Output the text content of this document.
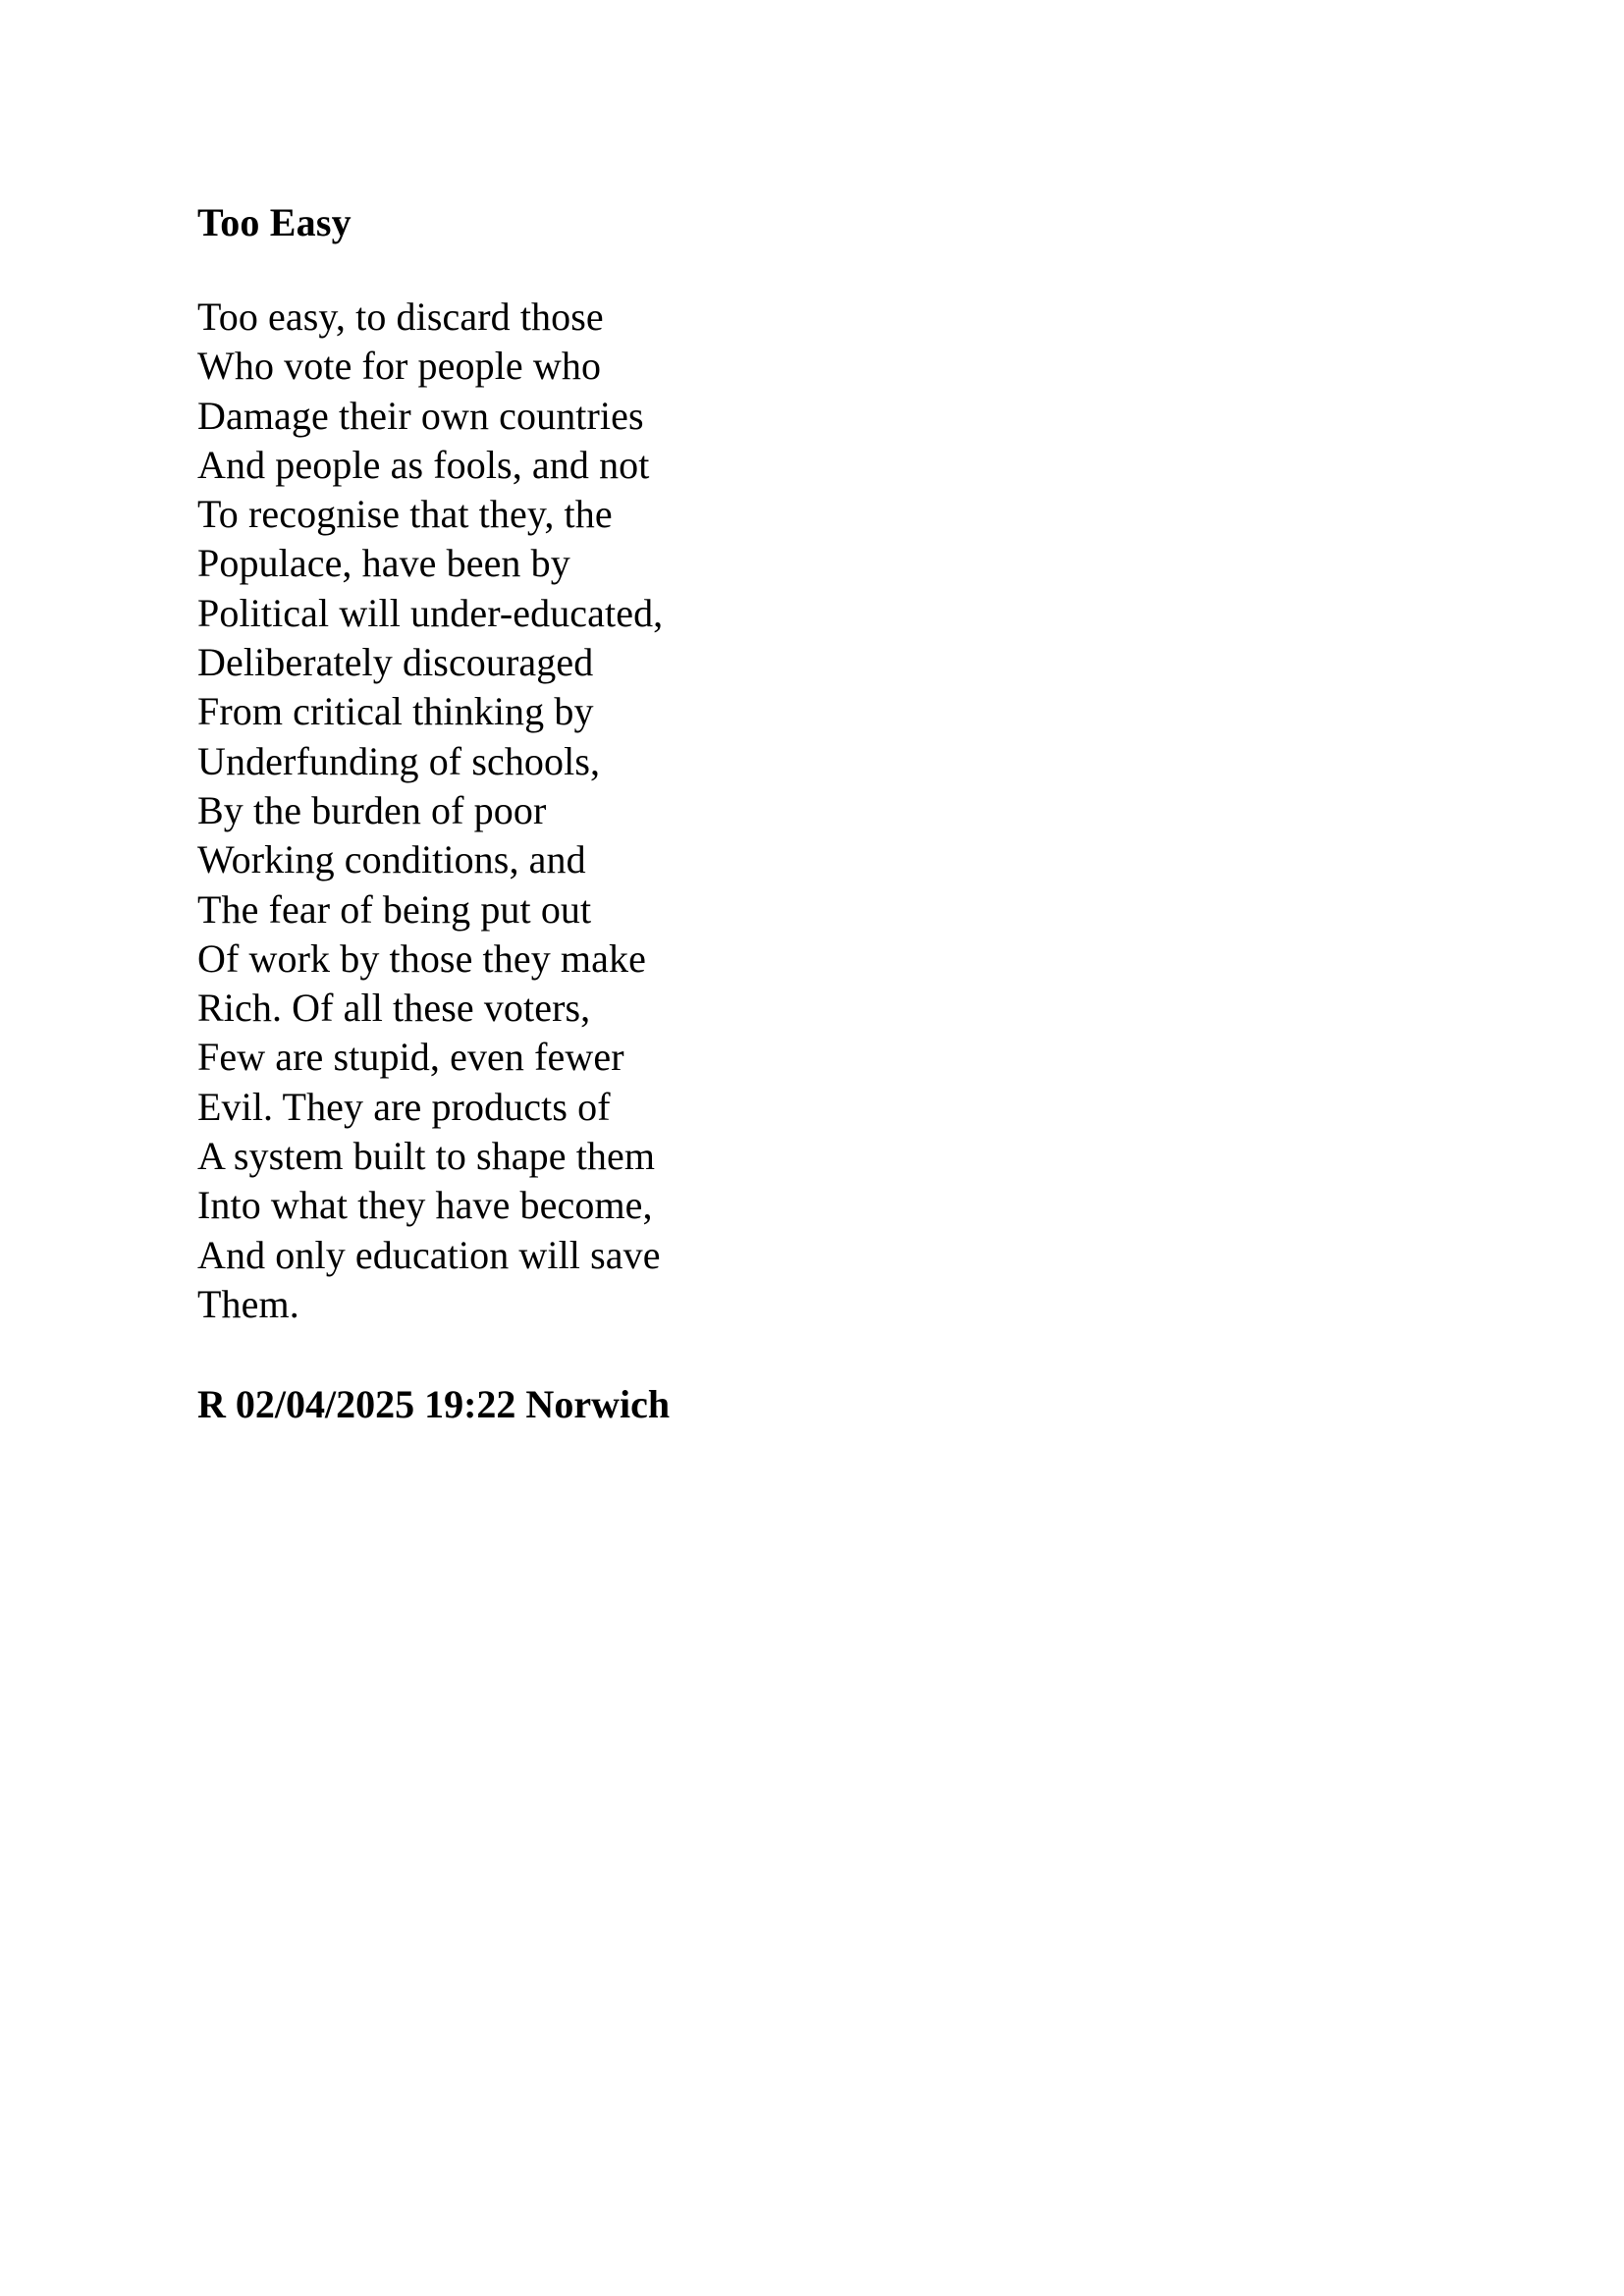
Too Easy
Too easy, to discard those
Who vote for people who
Damage their own countries
And people as fools, and not
To recognise that they, the
Populace, have been by
Political will under-educated,
Deliberately discouraged
From critical thinking by
Underfunding of schools,
By the burden of poor
Working conditions, and
The fear of being put out
Of work by those they make
Rich. Of all these voters,
Few are stupid, even fewer
Evil. They are products of
A system built to shape them
Into what they have become,
And only education will save
Them.

R 02/04/2025 19:22 Norwich
